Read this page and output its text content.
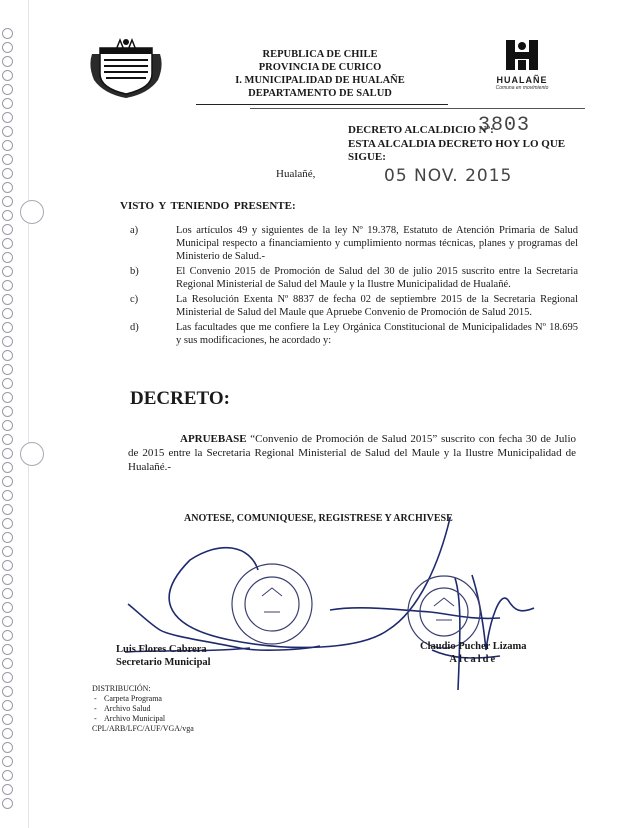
REPUBLICA DE CHILE
PROVINCIA DE CURICO
I. MUNICIPALIDAD DE HUALAÑE
DEPARTAMENTO DE SALUD
HUALAÑE
Comuna en movimiento
DECRETO ALCALDICIO Nº:
3803
ESTA ALCALDIA DECRETO HOY LO QUE SIGUE:
Hualañé,	05 NOV. 2015
VISTO Y TENIENDO PRESENTE:
a)	Los artículos 49 y siguientes de la ley Nº 19.378, Estatuto de Atención Primaria de Salud Municipal respecto a financiamiento y cumplimiento normas técnicas, planes y programas del Ministerio de Salud.-
b)	El Convenio 2015 de Promoción de Salud del 30 de julio 2015 suscrito entre la Secretaria Regional Ministerial de Salud del Maule y la Ilustre Municipalidad de Hualañé.
c)	La Resolución Exenta Nº 8837 de fecha 02 de septiembre 2015 de la Secretaria Regional Ministerial de Salud del Maule que Apruebe Convenio de Promoción de Salud 2015.
d)	Las facultades que me confiere la Ley Orgánica Constitucional de Municipalidades Nº 18.695 y sus modificaciones, he acordado y:
DECRETO:
APRUEBASE “Convenio de Promoción de Salud 2015” suscrito con fecha 30 de Julio de 2015 entre la Secretaria Regional Ministerial de Salud del Maule y la Ilustre Municipalidad de Hualañé.-
ANOTESE, COMUNIQUESE, REGISTRESE Y ARCHIVESE
Luis Flores Cabrera
Secretario Municipal
Claudio Pucher Lizama
Alcalde
DISTRIBUCIÓN:
- Carpeta Programa
- Archivo Salud
- Archivo Municipal
CPL/ARB/LFC/AUF/VGA/vga
